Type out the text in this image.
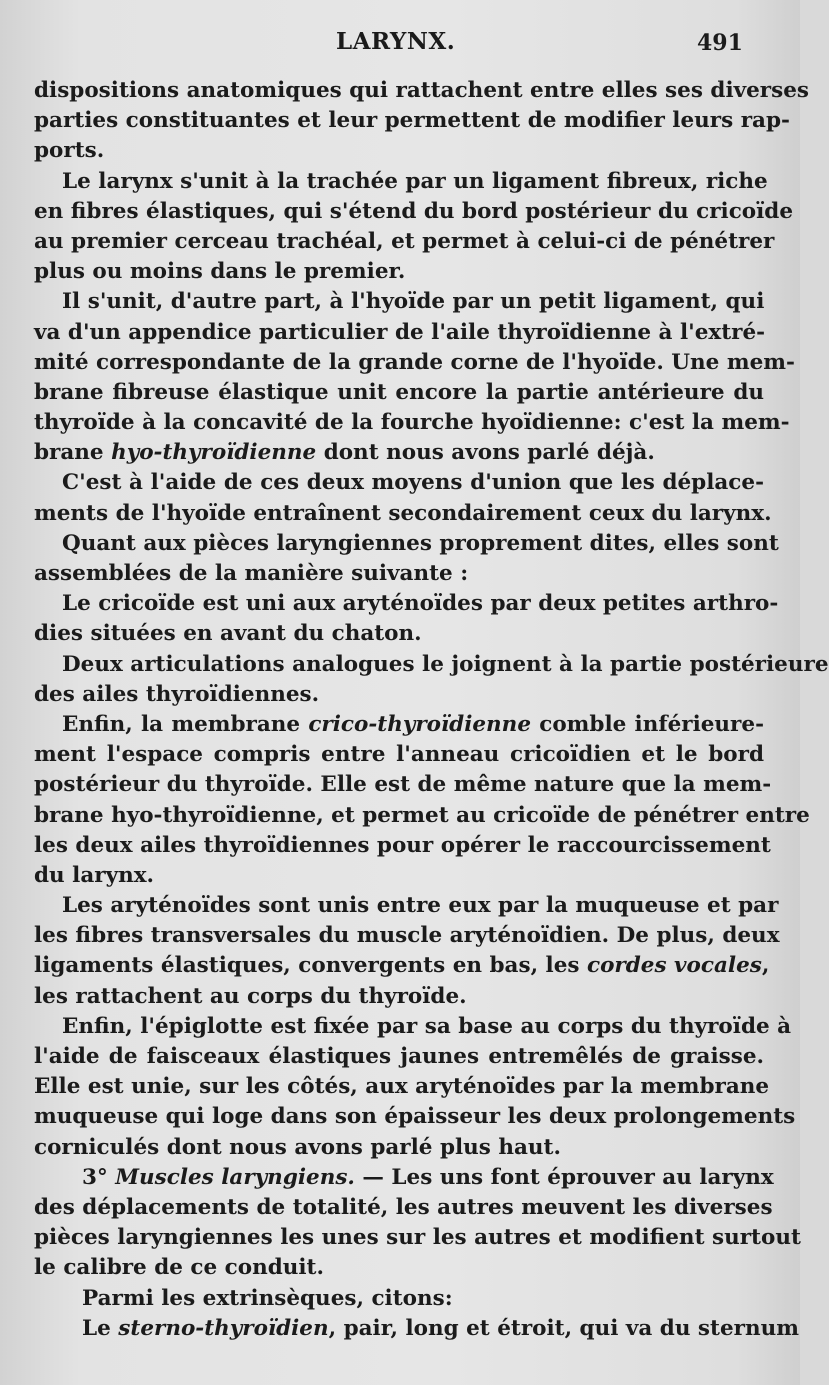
LARYNX.	491
dispositions anatomiques qui rattachent entre elles ses diverses
parties constituantes et leur permettent de modifier leurs rap-
ports.
Le larynx s'unit à la trachée par un ligament fibreux, riche
en fibres élastiques, qui s'étend du bord postérieur du cricoïde
au premier cerceau trachéal, et permet à celui-ci de pénétrer
plus ou moins dans le premier.
Il s'unit, d'autre part, à l'hyoïde par un petit ligament, qui
va d'un appendice particulier de l'aile thyroïdienne à l'extré-
mité correspondante de la grande corne de l'hyoïde. Une mem-
brane fibreuse élastique unit encore la partie antérieure du
thyroïde à la concavité de la fourche hyoïdienne: c'est la mem-
brane hyo-thyroïdienne dont nous avons parlé déjà.
C'est à l'aide de ces deux moyens d'union que les déplace-
ments de l'hyoïde entraînent secondairement ceux du larynx.
Quant aux pièces laryngiennes proprement dites, elles sont
assemblées de la manière suivante :
Le cricoïde est uni aux aryténoïdes par deux petites arthro-
dies situées en avant du chaton.
Deux articulations analogues le joignent à la partie postérieure
des ailes thyroïdiennes.
Enfin, la membrane crico-thyroïdienne comble inférieure-
ment l'espace compris entre l'anneau cricoïdien et le bord
postérieur du thyroïde. Elle est de même nature que la mem-
brane hyo-thyroïdienne, et permet au cricoïde de pénétrer entre
les deux ailes thyroïdiennes pour opérer le raccourcissement
du larynx.
Les aryténoïdes sont unis entre eux par la muqueuse et par
les fibres transversales du muscle aryténoïdien. De plus, deux
ligaments élastiques, convergents en bas, les cordes vocales,
les rattachent au corps du thyroïde.
Enfin, l'épiglotte est fixée par sa base au corps du thyroïde à
l'aide de faisceaux élastiques jaunes entremêlés de graisse.
Elle est unie, sur les côtés, aux aryténoïdes par la membrane
muqueuse qui loge dans son épaisseur les deux prolongements
corniculés dont nous avons parlé plus haut.
3° Muscles laryngiens. — Les uns font éprouver au larynx
des déplacements de totalité, les autres meuvent les diverses
pièces laryngiennes les unes sur les autres et modifient surtout
le calibre de ce conduit.
Parmi les extrinsèques, citons:
Le sterno-thyroïdien, pair, long et étroit, qui va du sternum
